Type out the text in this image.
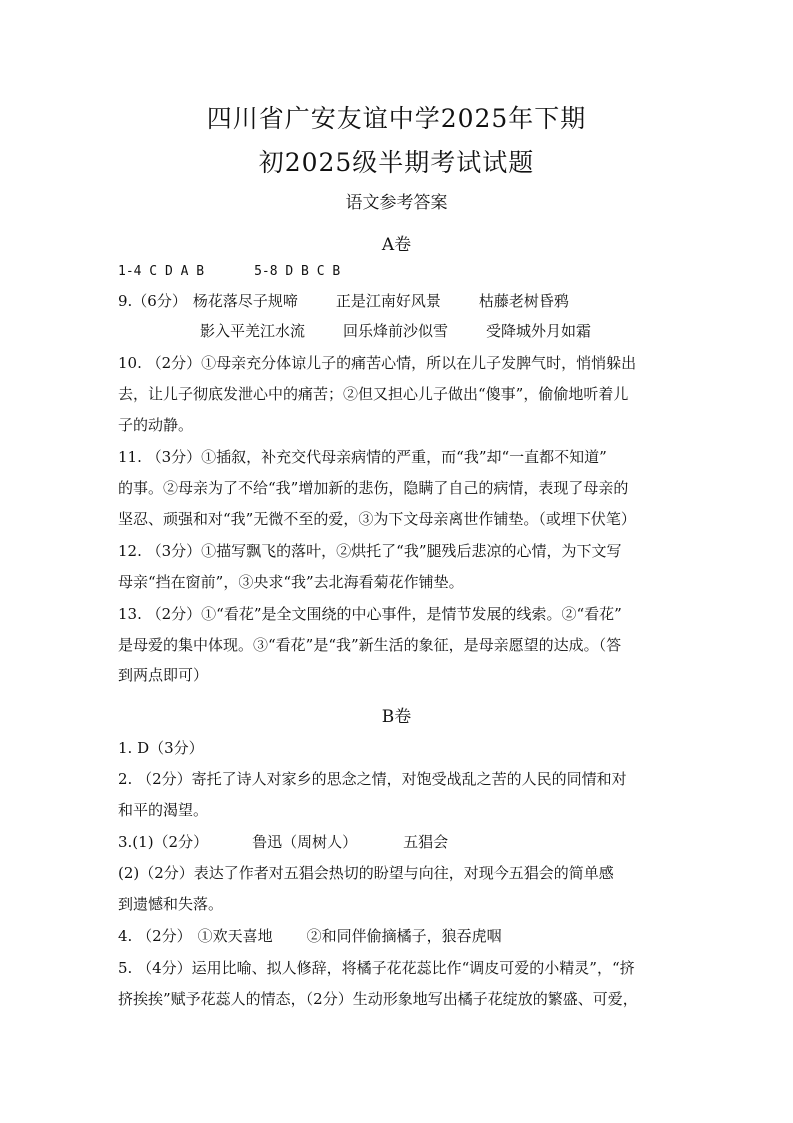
四川省广安友谊中学2025年下期
初2025级半期考试试题
语文参考答案
A卷
1-4 C D A B	5-8 D B C B
9.（6分） 杨花落尽子规啼	正是江南好风景	枯藤老树昏鸦
影入平羌江水流	回乐烽前沙似雪	受降城外月如霜
10. （2分）①母亲充分体谅儿子的痛苦心情，所以在儿子发脾气时，悄悄躲出
去，让儿子彻底发泄心中的痛苦；②但又担心儿子做出“傻事”，偷偷地听着儿
子的动静。
11. （3分）①插叙，补充交代母亲病情的严重，而“我”却“一直都不知道”
的事。②母亲为了不给“我”增加新的悲伤，隐瞒了自己的病情，表现了母亲的
坚忍、顽强和对“我”无微不至的爱，③为下文母亲离世作铺垫。（或埋下伏笔）
12. （3分）①描写飘飞的落叶，②烘托了“我”腿残后悲凉的心情，为下文写
母亲“挡在窗前”，③央求“我”去北海看菊花作铺垫。
13. （2分）①“看花”是全文围绕的中心事件，是情节发展的线索。②“看花”
是母爱的集中体现。③“看花”是“我”新生活的象征，是母亲愿望的达成。（答
到两点即可）
B卷
1. D（3分）
2. （2分）寄托了诗人对家乡的思念之情，对饱受战乱之苦的人民的同情和对
和平的渴望。
3.(1)（2分）	鲁迅（周树人）	五猖会
(2)（2分）表达了作者对五猖会热切的盼望与向往，对现今五猖会的简单感
到遗憾和失落。
4. （2分） ①欢天喜地 ②和同伴偷摘橘子，狼吞虎咽
5. （4分）运用比喻、拟人修辞，将橘子花花蕊比作“调皮可爱的小精灵”，“挤
挤挨挨”赋予花蕊人的情态，（2分）生动形象地写出橘子花绽放的繁盛、可爱，
